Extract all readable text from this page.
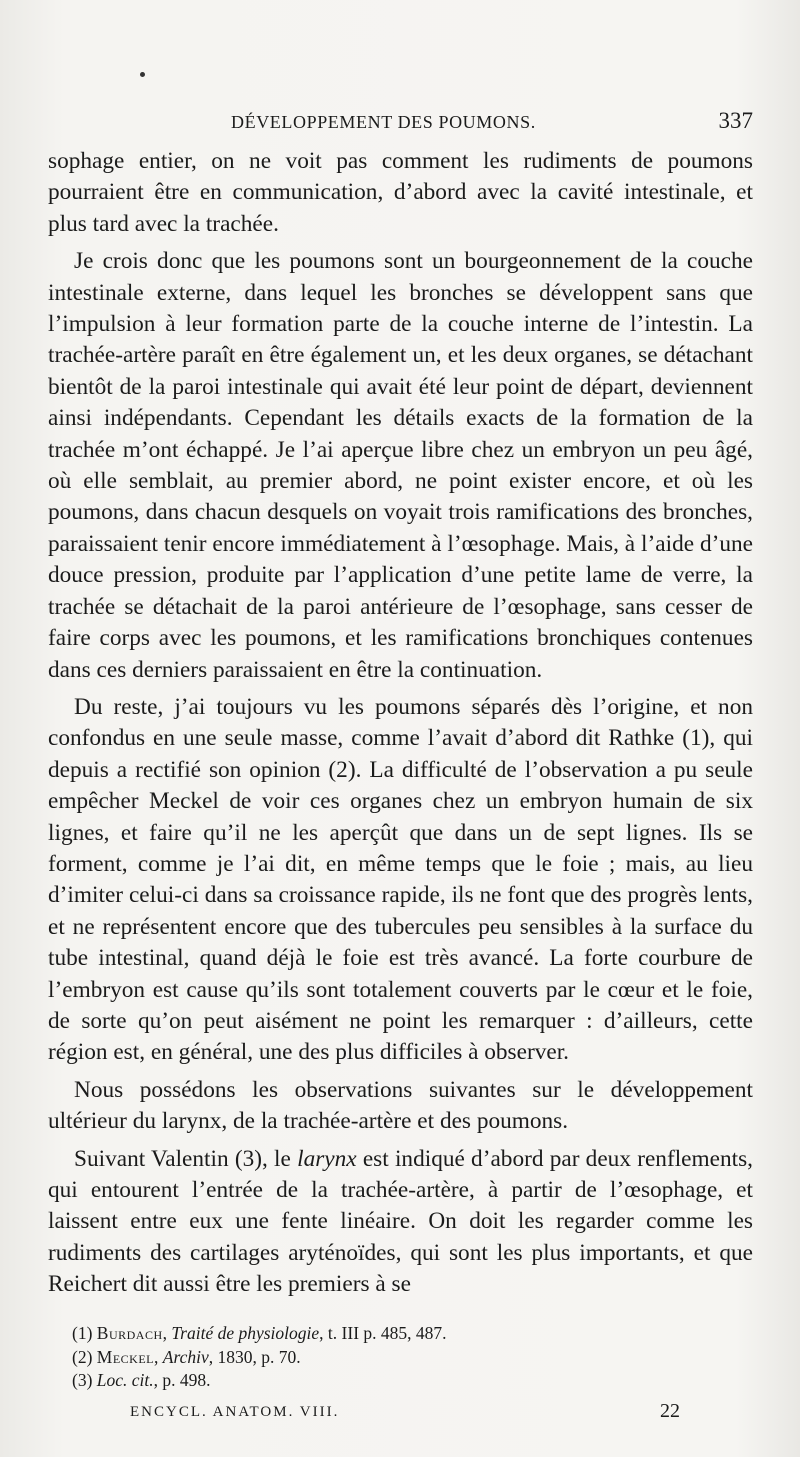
DÉVELOPPEMENT DES POUMONS.	337

sophage entier, on ne voit pas comment les rudiments de poumons pourraient être en communication, d’abord avec la cavité intestinale, et plus tard avec la trachée.

Je crois donc que les poumons sont un bourgeonnement de la couche intestinale externe, dans lequel les bronches se développent sans que l’impulsion à leur formation parte de la couche interne de l’intestin. La trachée-artère paraît en être également un, et les deux organes, se détachant bientôt de la paroi intestinale qui avait été leur point de départ, deviennent ainsi indépendants. Cependant les détails exacts de la formation de la trachée m’ont échappé. Je l’ai aperçue libre chez un embryon un peu âgé, où elle semblait, au premier abord, ne point exister encore, et où les poumons, dans chacun desquels on voyait trois ramifications des bronches, paraissaient tenir encore immédiatement à l’œsophage. Mais, à l’aide d’une douce pression, produite par l’application d’une petite lame de verre, la trachée se détachait de la paroi antérieure de l’œsophage, sans cesser de faire corps avec les poumons, et les ramifications bronchiques contenues dans ces derniers paraissaient en être la continuation.

Du reste, j’ai toujours vu les poumons séparés dès l’origine, et non confondus en une seule masse, comme l’avait d’abord dit Rathke (1), qui depuis a rectifié son opinion (2). La difficulté de l’observation a pu seule empêcher Meckel de voir ces organes chez un embryon humain de six lignes, et faire qu’il ne les aperçût que dans un de sept lignes. Ils se forment, comme je l’ai dit, en même temps que le foie ; mais, au lieu d’imiter celui-ci dans sa croissance rapide, ils ne font que des progrès lents, et ne représentent encore que des tubercules peu sensibles à la surface du tube intestinal, quand déjà le foie est très avancé. La forte courbure de l’embryon est cause qu’ils sont totalement couverts par le cœur et le foie, de sorte qu’on peut aisément ne point les remarquer : d’ailleurs, cette région est, en général, une des plus difficiles à observer.

Nous possédons les observations suivantes sur le développement ultérieur du larynx, de la trachée-artère et des poumons.

Suivant Valentin (3), le larynx est indiqué d’abord par deux renflements, qui entourent l’entrée de la trachée-artère, à partir de l’œsophage, et laissent entre eux une fente linéaire. On doit les regarder comme les rudiments des cartilages aryténoïdes, qui sont les plus importants, et que Reichert dit aussi être les premiers à se

(1) Burdach, Traité de physiologie, t. III p. 485, 487.
(2) Meckel, Archiv, 1830, p. 70.
(3) Loc. cit., p. 498.
ENCYCL. ANATOM. VIII.	22
